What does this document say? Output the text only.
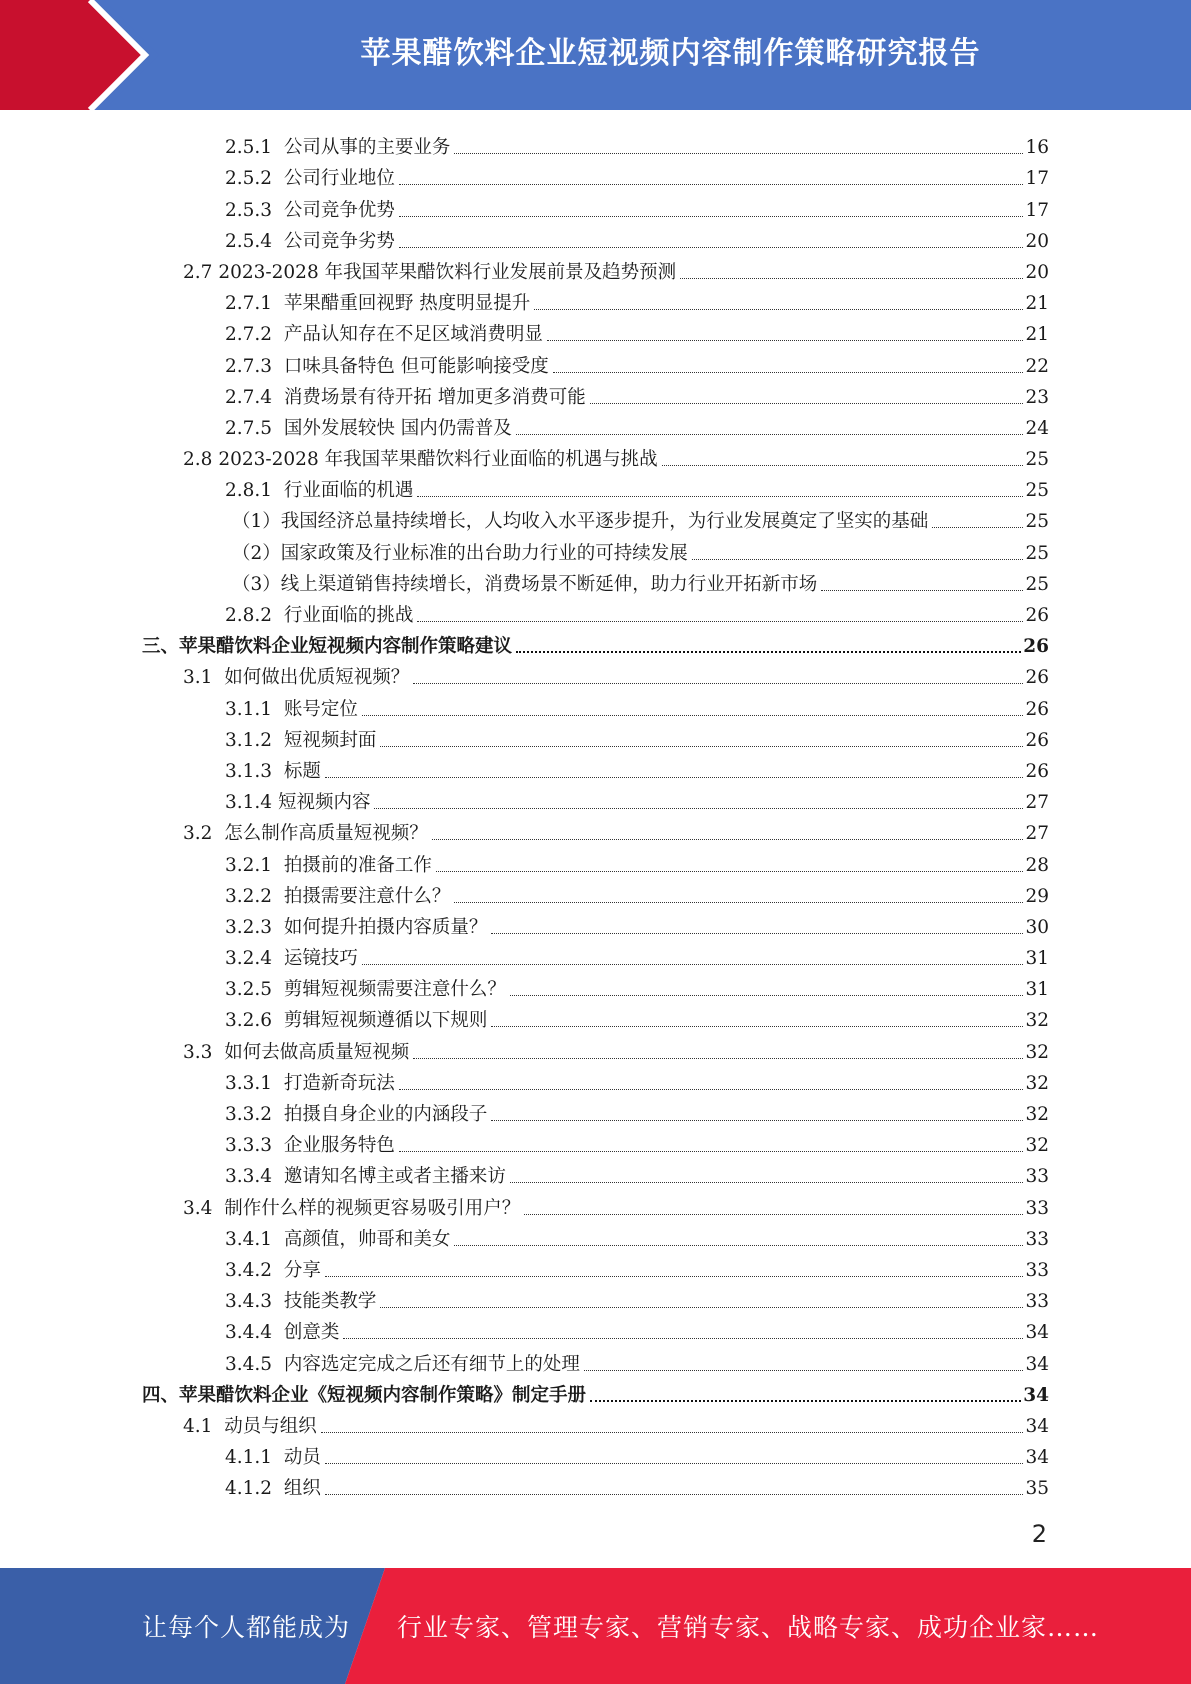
苹果醋饮料企业短视频内容制作策略研究报告
2.5.1 公司从事的主要业务	16
2.5.2 公司行业地位	17
2.5.3 公司竞争优势	17
2.5.4 公司竞争劣势	20
2.7 2023-2028 年我国苹果醋饮料行业发展前景及趋势预测	20
2.7.1 苹果醋重回视野 热度明显提升	21
2.7.2 产品认知存在不足区域消费明显	21
2.7.3 口味具备特色 但可能影响接受度	22
2.7.4 消费场景有待开拓 增加更多消费可能	23
2.7.5 国外发展较快 国内仍需普及	24
2.8 2023-2028 年我国苹果醋饮料行业面临的机遇与挑战	25
2.8.1 行业面临的机遇	25
（1） 我国经济总量持续增长，人均收入水平逐步提升，为行业发展奠定了坚实的基础	25
（2） 国家政策及行业标准的出台助力行业的可持续发展	25
（3） 线上渠道销售持续增长，消费场景不断延伸，助力行业开拓新市场	25
2.8.2 行业面临的挑战	26
三、苹果醋饮料企业短视频内容制作策略建议	26
3.1 如何做出优质短视频？	26
3.1.1 账号定位	26
3.1.2 短视频封面	26
3.1.3 标题	26
3.1.4 短视频内容	27
3.2 怎么制作高质量短视频？	27
3.2.1 拍摄前的准备工作	28
3.2.2 拍摄需要注意什么？	29
3.2.3 如何提升拍摄内容质量？	30
3.2.4 运镜技巧	31
3.2.5 剪辑短视频需要注意什么？	31
3.2.6 剪辑短视频遵循以下规则	32
3.3 如何去做高质量短视频	32
3.3.1 打造新奇玩法	32
3.3.2 拍摄自身企业的内涵段子	32
3.3.3 企业服务特色	32
3.3.4 邀请知名博主或者主播来访	33
3.4 制作什么样的视频更容易吸引用户？	33
3.4.1 高颜值，帅哥和美女	33
3.4.2 分享	33
3.4.3 技能类教学	33
3.4.4 创意类	34
3.4.5 内容选定完成之后还有细节上的处理	34
四、苹果醋饮料企业《短视频内容制作策略》制定手册	34
4.1 动员与组织	34
4.1.1 动员	34
4.1.2 组织	35
2
让每个人都能成为 行业专家、管理专家、营销专家、战略专家、成功企业家……
